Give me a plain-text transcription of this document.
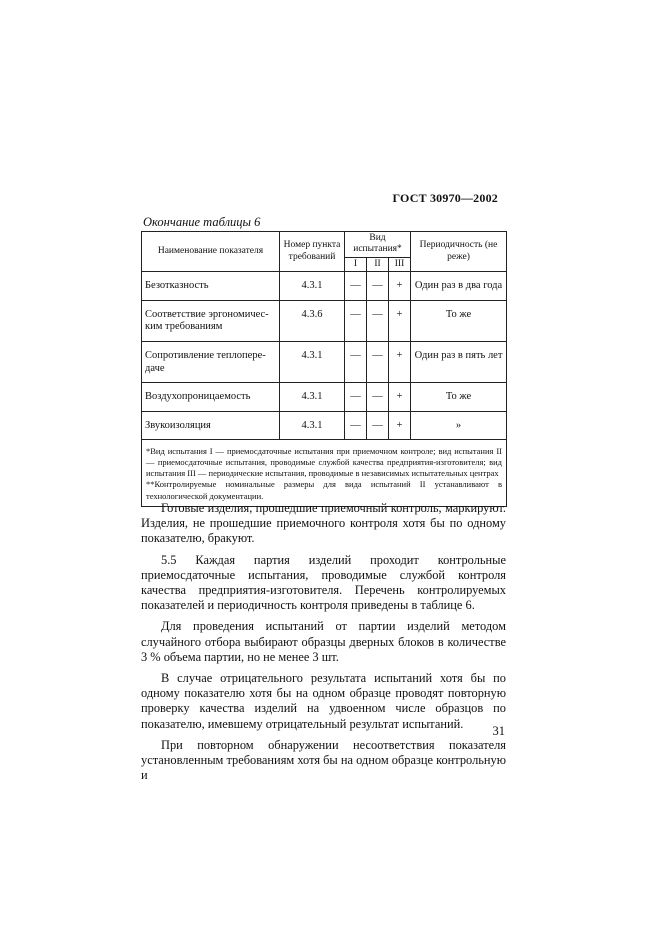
ГОСТ 30970—2002
Окончание таблицы 6
Наименование показателя	Номер пункта требований	Вид испытания*			Периодичность (не реже)
		I	II	III	
Безотказность	4.3.1	—	—	+	Один раз в два года
Соответствие эргономичес-ким требованиям	4.3.6	—	—	+	То же
Сопротивление теплопере-даче	4.3.1	—	—	+	Один раз в пять лет
Воздухопроницаемость	4.3.1	—	—	+	То же
Звукоизоляция	4.3.1	—	—	+	»

*Вид испытания I — приемосдаточные испытания при приемочном контроле; вид испытания II — приемосдаточные испытания, проводимые службой качества предприятия-изготовителя; вид испытания III — периодические испытания, проводимые в независимых испытательных центрах

**Контролируемые номинальные размеры для вида испытаний II устанавливают в технологической документации.					

Готовые изделия, прошедшие приемочный контроль, маркируют. Изделия, не прошедшие приемочного контроля хотя бы по одному показателю, бракуют.

5.5 Каждая партия изделий проходит контрольные приемосдаточные испытания, проводимые службой контроля качества предприятия-изготовителя. Перечень контролируемых показателей и периодичность контроля приведены в таблице 6.

Для проведения испытаний от партии изделий методом случайного отбора выбирают образцы дверных блоков в количестве 3 % объема партии, но не менее 3 шт.

В случае отрицательного результата испытаний хотя бы по одному показателю хотя бы на одном образце проводят повторную проверку качества изделий на удвоенном числе образцов по показателю, имевшему отрицательный результат испытаний.

При повторном обнаружении несоответствия показателя установленным требованиям хотя бы на одном образце контрольную и

31
